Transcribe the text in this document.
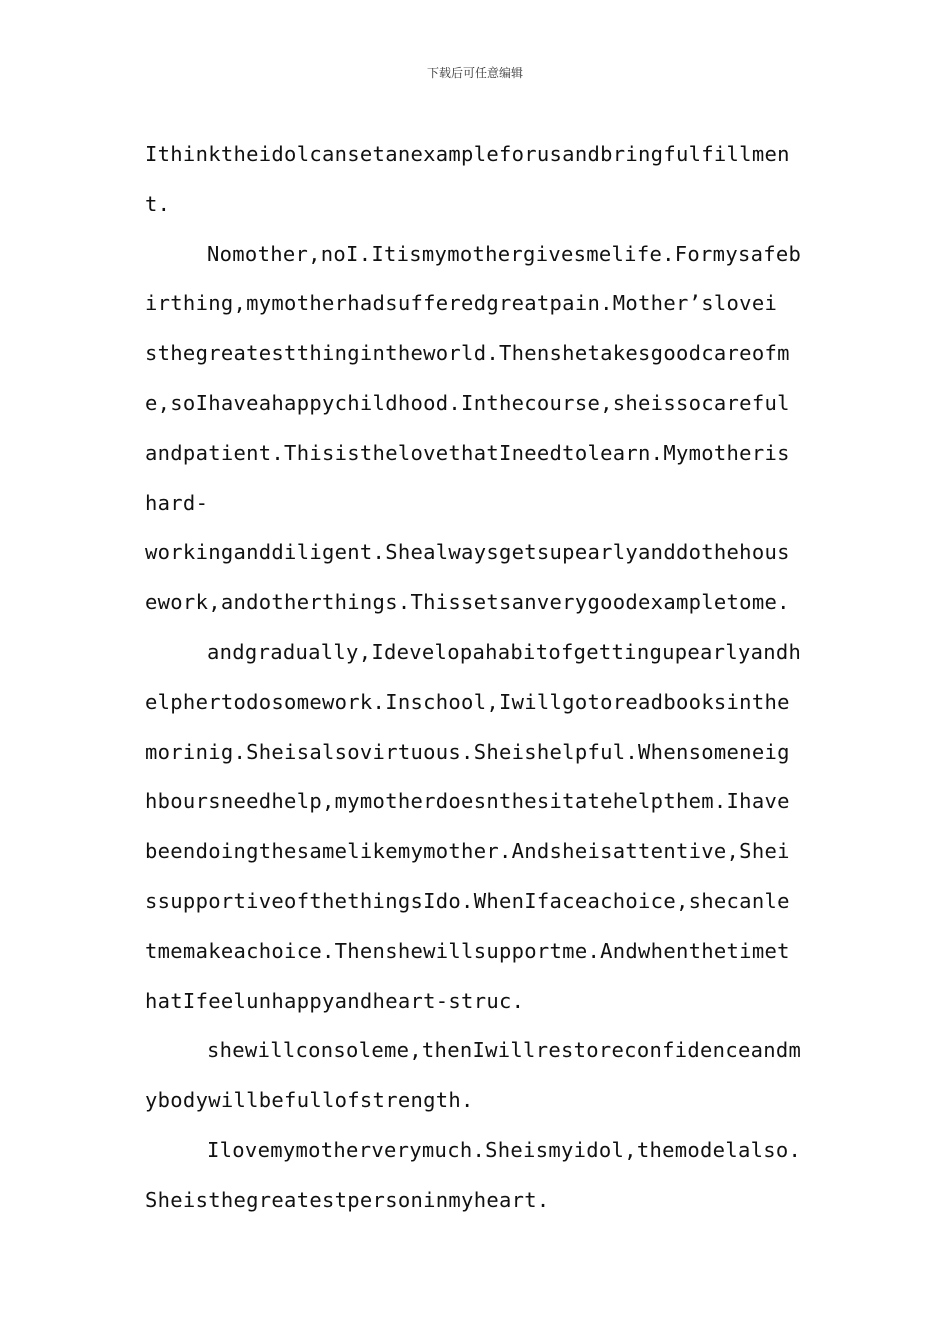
下载后可任意编辑
Ithinktheidolcansetanexampleforusandbringfulfillmen
t.
Nomother,noI.Itismymothergivesmelife.Formysafeb
irthing,mymotherhadsufferedgreatpain.Mother’slovei
sthegreatestthingintheworld.Thenshetakesgoodcareofm
e,soIhaveahappychildhood.Inthecourse,sheissocareful
andpatient.ThisisthelovethatIneedtolearn.Mymotheris
hard-
workinganddiligent.Shealwaysgetsupearlyanddothehous
ework,andotherthings.Thissetsanverygoodexampletome.
andgradually,Idevelopahabitofgettingupearlyandh
elphertodosomework.Inschool,Iwillgotoreadbooksinthe
morinig.Sheisalsovirtuous.Sheishelpful.Whensomeneig
hboursneedhelp,mymotherdoesnthesitatehelpthem.Ihave
beendoingthesamelikemymother.Andsheisattentive,Shei
ssupportiveofthethingsIdo.WhenIfaceachoice,shecanle
tmemakeachoice.Thenshewillsupportme.Andwhenthetimet
hatIfeelunhappyandheart-struc.
shewillconsoleme,thenIwillrestoreconfidenceandm
ybodywillbefullofstrength.
Ilovemymotherverymuch.Sheismyidol,themodelalso.
Sheisthegreatestpersoninmyheart.
